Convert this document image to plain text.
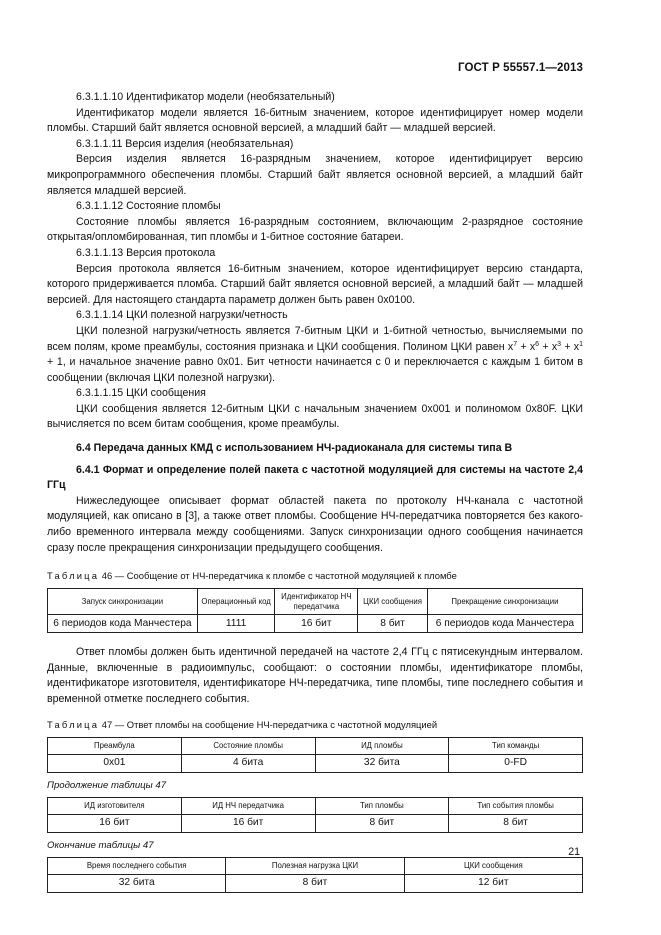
ГОСТ Р 55557.1—2013

6.3.1.1.10 Идентификатор модели (необязательный)

Идентификатор модели является 16-битным значением, которое идентифицирует номер модели пломбы. Старший байт является основной версией, а младший байт — младшей версией.

6.3.1.1.11 Версия изделия (необязательная)

Версия изделия является 16-разрядным значением, которое идентифицирует версию микропрограммного обеспечения пломбы. Старший байт является основной версией, а младший байт является младшей версией.

6.3.1.1.12 Состояние пломбы

Состояние пломбы является 16-разрядным состоянием, включающим 2-разрядное состояние открытая/опломбированная, тип пломбы и 1-битное состояние батареи.

6.3.1.1.13 Версия протокола

Версия протокола является 16-битным значением, которое идентифицирует версию стандарта, которого придерживается пломба. Старший байт является основной версией, а младший байт — младшей версией. Для настоящего стандарта параметр должен быть равен 0x0100.

6.3.1.1.14 ЦКИ полезной нагрузки/четность

ЦКИ полезной нагрузки/четность является 7-битным ЦКИ и 1-битной четностью, вычисляемыми по всем полям, кроме преамбулы, состояния признака и ЦКИ сообщения. Полином ЦКИ равен $x^7 + x^6 + x^3 + x^1 + 1$, и начальное значение равно 0x01. Бит четности начинается с 0 и переключается с каждым 1 битом в сообщении (включая ЦКИ полезной нагрузки).

6.3.1.1.15 ЦКИ сообщения

ЦКИ сообщения является 12-битным ЦКИ с начальным значением 0x001 и полиномом 0x80F. ЦКИ вычисляется по всем битам сообщения, кроме преамбулы.

6.4 Передача данных КМД с использованием НЧ-радиоканала для системы типа В

6.4.1 Формат и определение полей пакета с частотной модуляцией для системы на частоте 2,4 ГГц

Нижеследующее описывает формат областей пакета по протоколу НЧ-канала с частотной модуляцией, как описано в [3], а также ответ пломбы. Сообщение НЧ-передатчика повторяется без какого-либо временного интервала между сообщениями. Запуск синхронизации одного сообщения начинается сразу после прекращения синхронизации предыдущего сообщения.

Таблица 46 — Сообщение от НЧ-передатчика к пломбе с частотной модуляцией к пломбе
Запуск синхронизации	Операционный код	Идентификатор НЧ передатчика	ЦКИ сообщения	Прекращение синхронизации
6 периодов кода Манчестера	1111	16 бит	8 бит	6 периодов кода Манчестера

Ответ пломбы должен быть идентичной передачей на частоте 2,4 ГГц с пятисекундным интервалом. Данные, включенные в радиоимпульс, сообщают: о состоянии пломбы, идентификаторе пломбы, идентификаторе изготовителя, идентификаторе НЧ-передатчика, типе пломбы, типе последнего события и временной отметке последнего события.

Таблица 47 — Ответ пломбы на сообщение НЧ-передатчика с частотной модуляцией
Преамбула	Состояние пломбы	ИД пломбы	Тип команды
0x01	4 бита	32 бита	0-FD
Продолжение таблицы 47
ИД изготовителя	ИД НЧ передатчика	Тип пломбы	Тип события пломбы
16 бит	16 бит	8 бит	8 бит
Окончание таблицы 47
Время последнего события	Полезная нагрузка ЦКИ	ЦКИ сообщения
32 бита	8 бит	12 бит
21
